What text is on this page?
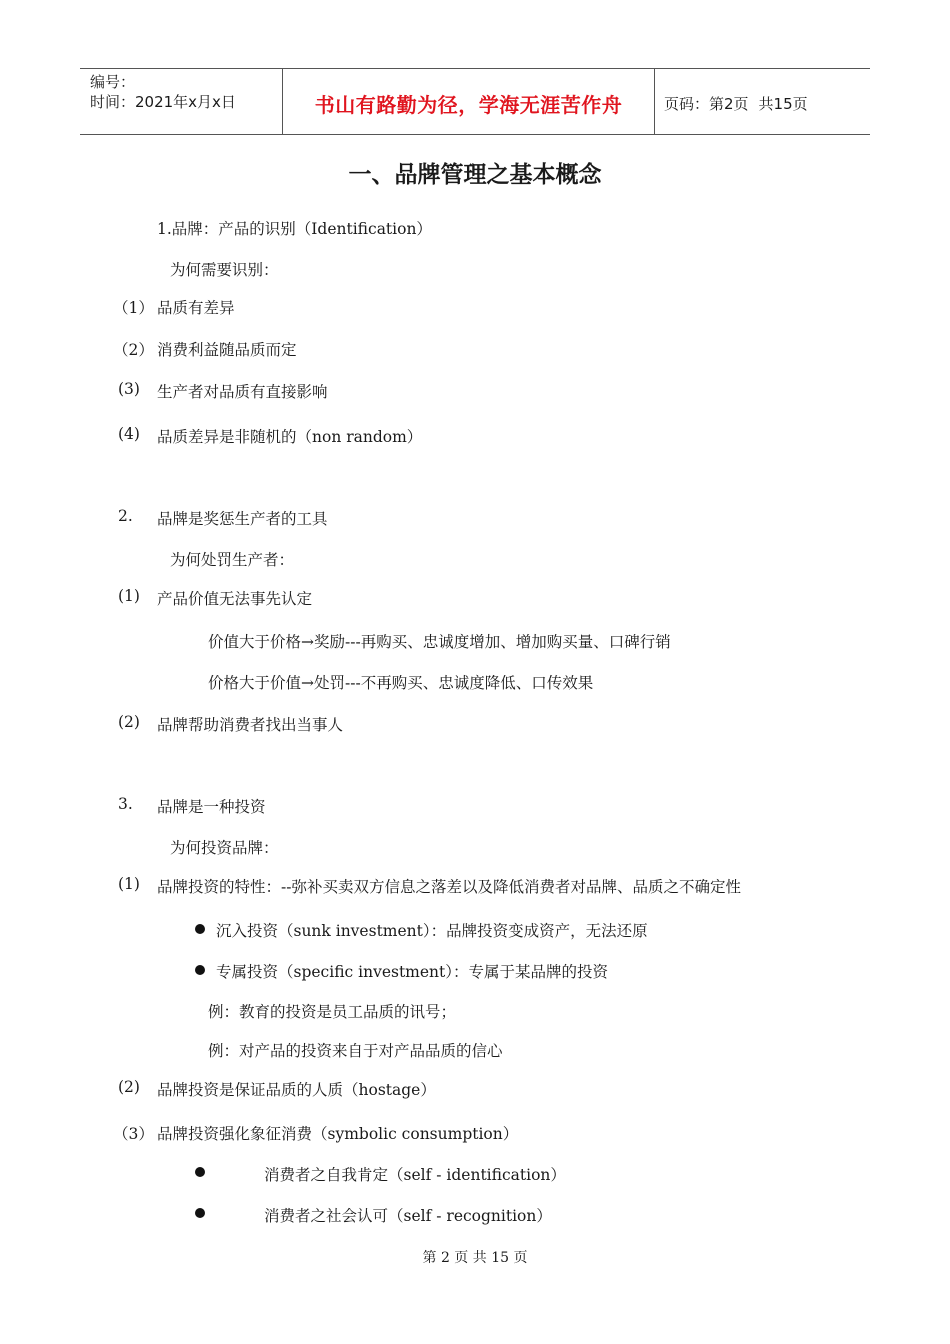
编号：
时间：2021年x月x日	书山有路勤为径，学海无涯苦作舟	页码：第2页 共15页
一、品牌管理之基本概念
1.品牌：产品的识别（Identification）
为何需要识别：
（1） 品质有差异
（2） 消费利益随品质而定
(3) 生产者对品质有直接影响
(4) 品质差异是非随机的（non random）
2. 品牌是奖惩生产者的工具
为何处罚生产者：
(1) 产品价值无法事先认定
价值大于价格→奖励---再购买、忠诚度增加、增加购买量、口碑行销
价格大于价值→处罚---不再购买、忠诚度降低、口传效果
(2) 品牌帮助消费者找出当事人
3. 品牌是一种投资
为何投资品牌：
(1) 品牌投资的特性：--弥补买卖双方信息之落差以及降低消费者对品牌、品质之不确定性
沉入投资（sunk investment）：品牌投资变成资产，无法还原
专属投资（specific investment）：专属于某品牌的投资
例：教育的投资是员工品质的讯号；
例：对产品的投资来自于对产品品质的信心
(2) 品牌投资是保证品质的人质（hostage）
（3） 品牌投资强化象征消费（symbolic consumption）
消费者之自我肯定（self - identification）
消费者之社会认可（self - recognition）
第 2 页 共 15 页
